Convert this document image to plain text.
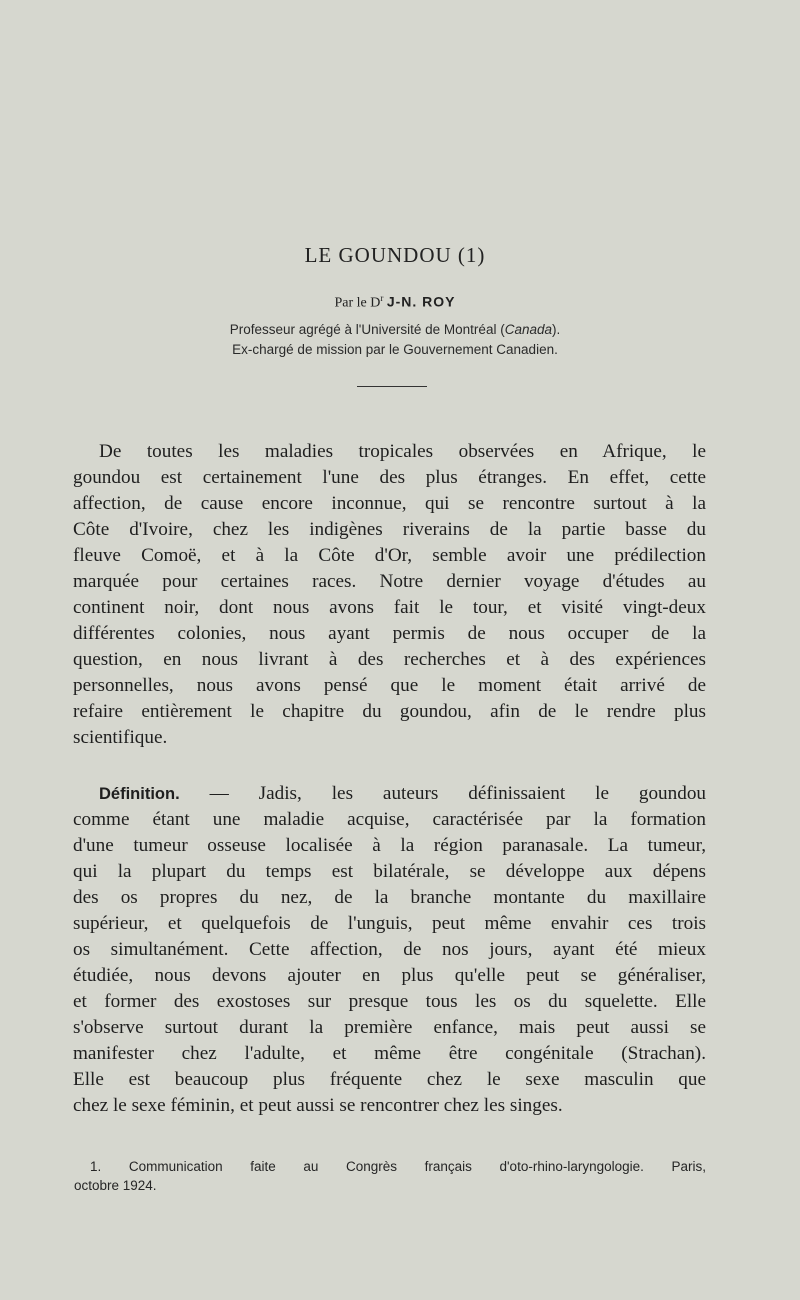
LE GOUNDOU (1)
Par le $D^r$ J-N. ROY
Professeur agrégé à l'Université de Montréal (Canada).
Ex-chargé de mission par le Gouvernement Canadien.
De toutes les maladies tropicales observées en Afrique, le
goundou est certainement l'une des plus étranges. En effet, cette
affection, de cause encore inconnue, qui se rencontre surtout à la
Côte d'Ivoire, chez les indigènes riverains de la partie basse du
fleuve Comoë, et à la Côte d'Or, semble avoir une prédilection
marquée pour certaines races. Notre dernier voyage d'études au
continent noir, dont nous avons fait le tour, et visité vingt-deux
différentes colonies, nous ayant permis de nous occuper de la
question, en nous livrant à des recherches et à des expériences
personnelles, nous avons pensé que le moment était arrivé de
refaire entièrement le chapitre du goundou, afin de le rendre plus
scientifique.
Définition. — Jadis, les auteurs définissaient le goundou
comme étant une maladie acquise, caractérisée par la formation
d'une tumeur osseuse localisée à la région paranasale. La tumeur,
qui la plupart du temps est bilatérale, se développe aux dépens
des os propres du nez, de la branche montante du maxillaire
supérieur, et quelquefois de l'unguis, peut même envahir ces trois
os simultanément. Cette affection, de nos jours, ayant été mieux
étudiée, nous devons ajouter en plus qu'elle peut se généraliser,
et former des exostoses sur presque tous les os du squelette. Elle
s'observe surtout durant la première enfance, mais peut aussi se
manifester chez l'adulte, et même être congénitale (Strachan).
Elle est beaucoup plus fréquente chez le sexe masculin que
chez le sexe féminin, et peut aussi se rencontrer chez les singes.
1. Communication faite au Congrès français d'oto-rhino-laryngologie. Paris,
octobre 1924.
